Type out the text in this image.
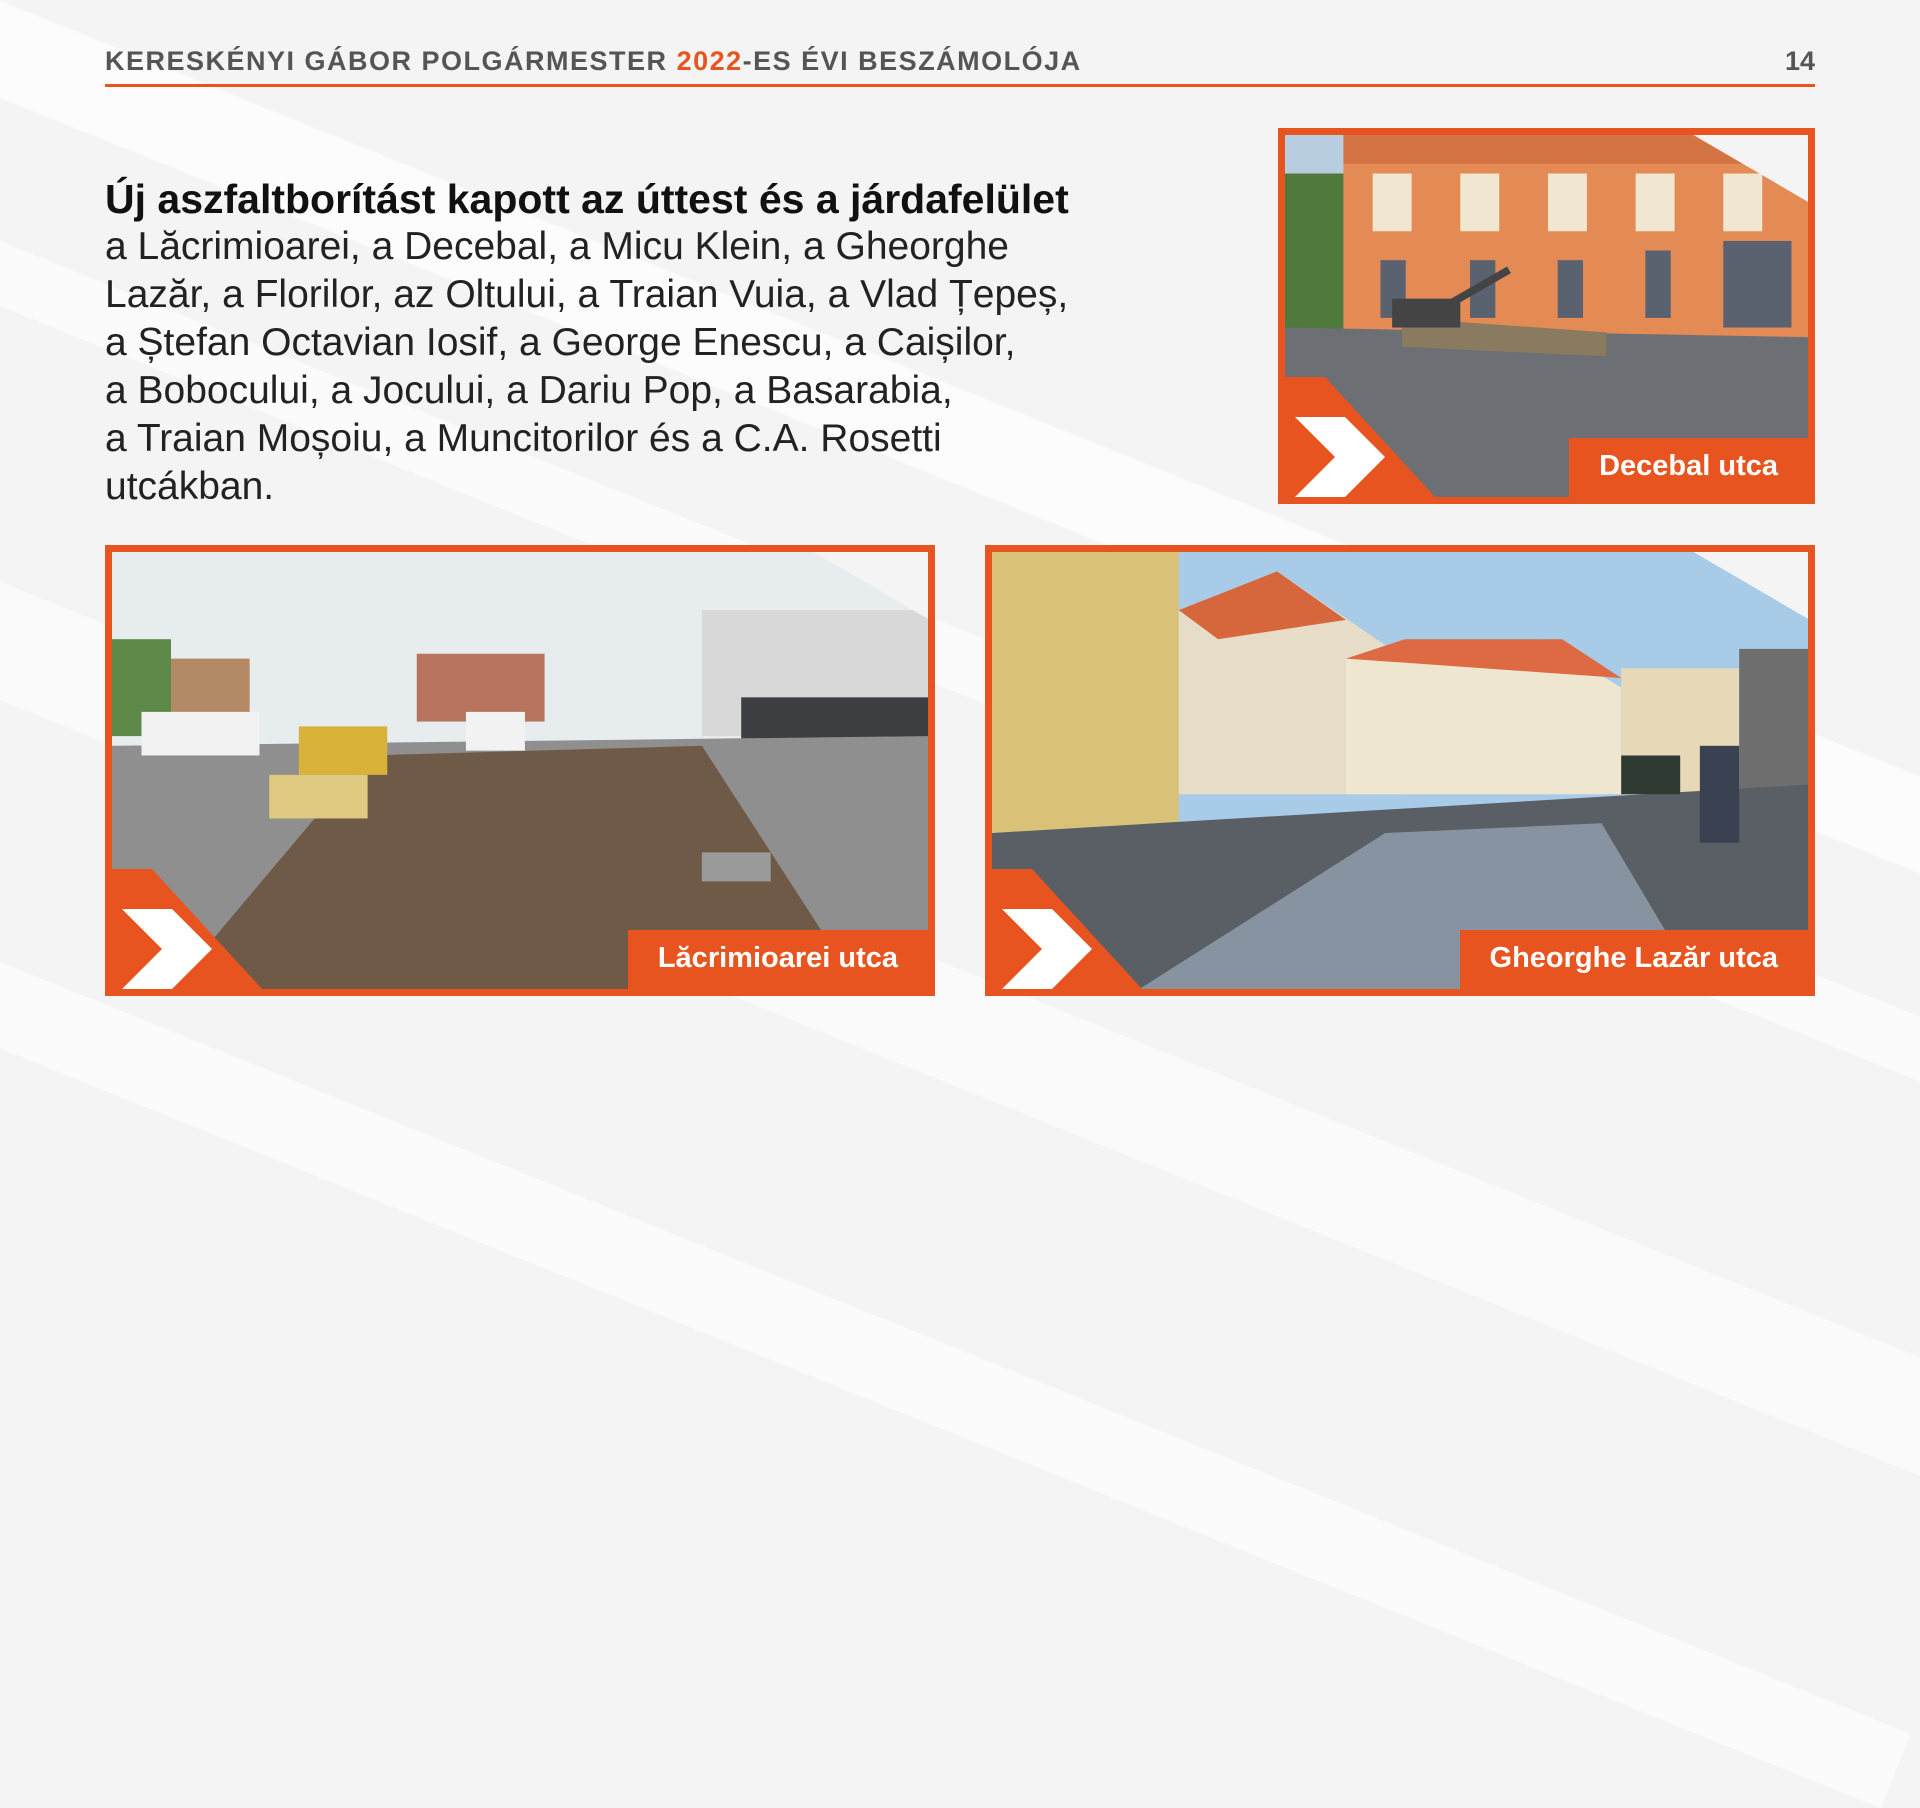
KERESKÉNYI GÁBOR POLGÁRMESTER 2022-ES ÉVI BESZÁMOLÓJA	14
Új aszfaltborítást kapott az úttest és a járdafelület
a Lăcrimioarei, a Decebal, a Micu Klein, a Gheorghe
Lazăr, a Florilor, az Oltului, a Traian Vuia, a Vlad Țepeș,
a Ștefan Octavian Iosif, a George Enescu, a Caișilor,
a Bobocului, a Jocului, a Dariu Pop, a Basarabia,
a Traian Moșoiu, a Muncitorilor és a C.A. Rosetti
utcákban.	Decebal utca
Lăcrimioarei utca	Gheorghe Lazăr utca
